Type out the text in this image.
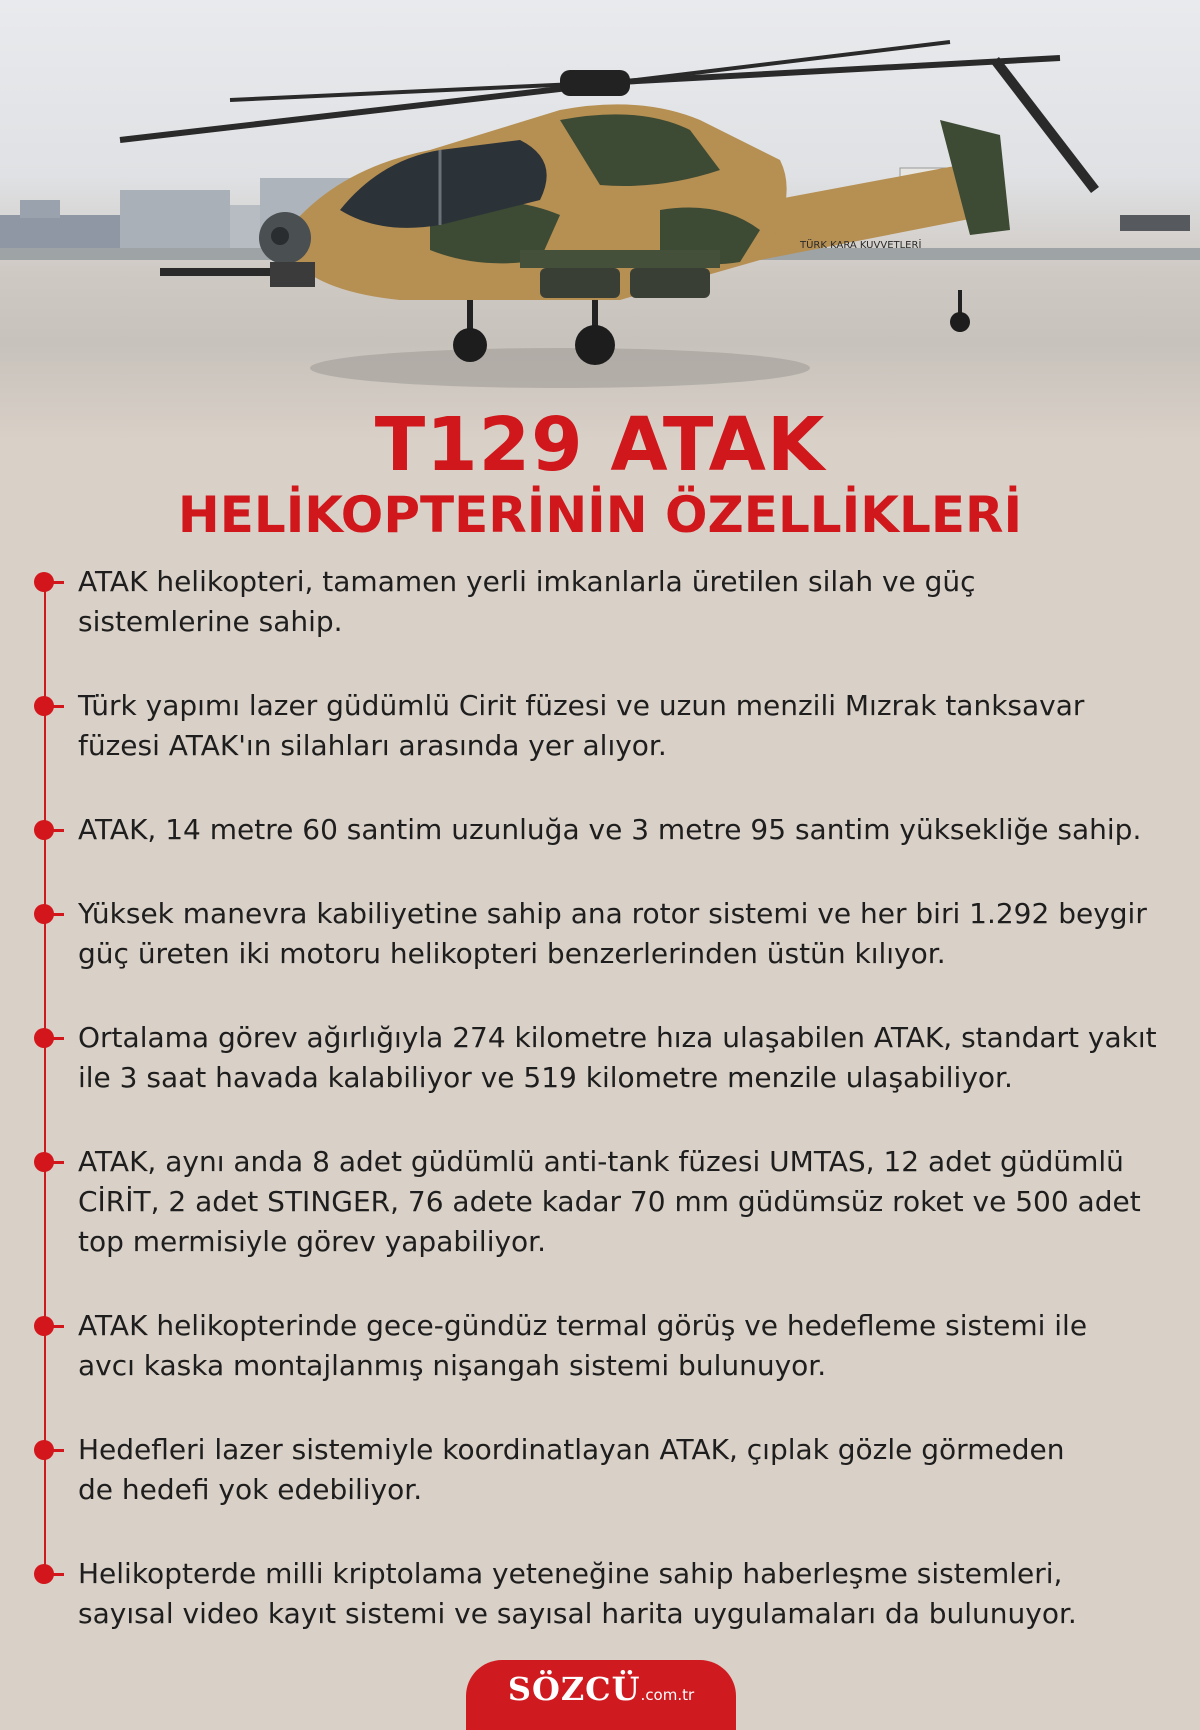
TÜRK KARA KUVVETLERİ
T129 ATAK
HELİKOPTERİNİN ÖZELLİKLERİ
ATAK helikopteri, tamamen yerli imkanlarla üretilen silah ve güç
sistemlerine sahip.
Türk yapımı lazer güdümlü Cirit füzesi ve uzun menzili Mızrak tanksavar
füzesi ATAK'ın silahları arasında yer alıyor.
ATAK, 14 metre 60 santim uzunluğa ve 3 metre 95 santim yüksekliğe sahip.
Yüksek manevra kabiliyetine sahip ana rotor sistemi ve her biri 1.292 beygir
güç üreten iki motoru helikopteri benzerlerinden üstün kılıyor.
Ortalama görev ağırlığıyla 274 kilometre hıza ulaşabilen ATAK, standart yakıt
ile 3 saat havada kalabiliyor ve 519 kilometre menzile ulaşabiliyor.
ATAK, aynı anda 8 adet güdümlü anti-tank füzesi UMTAS, 12 adet güdümlü
CİRİT, 2 adet STINGER, 76 adete kadar 70 mm güdümsüz roket ve 500 adet
top mermisiyle görev yapabiliyor.
ATAK helikopterinde gece-gündüz termal görüş ve hedefleme sistemi ile
avcı kaska montajlanmış nişangah sistemi bulunuyor.
Hedefleri lazer sistemiyle koordinatlayan ATAK, çıplak gözle görmeden
de hedefi yok edebiliyor.
Helikopterde milli kriptolama yeteneğine sahip haberleşme sistemleri,
sayısal video kayıt sistemi ve sayısal harita uygulamaları da bulunuyor.
SÖZCÜ.com.tr
